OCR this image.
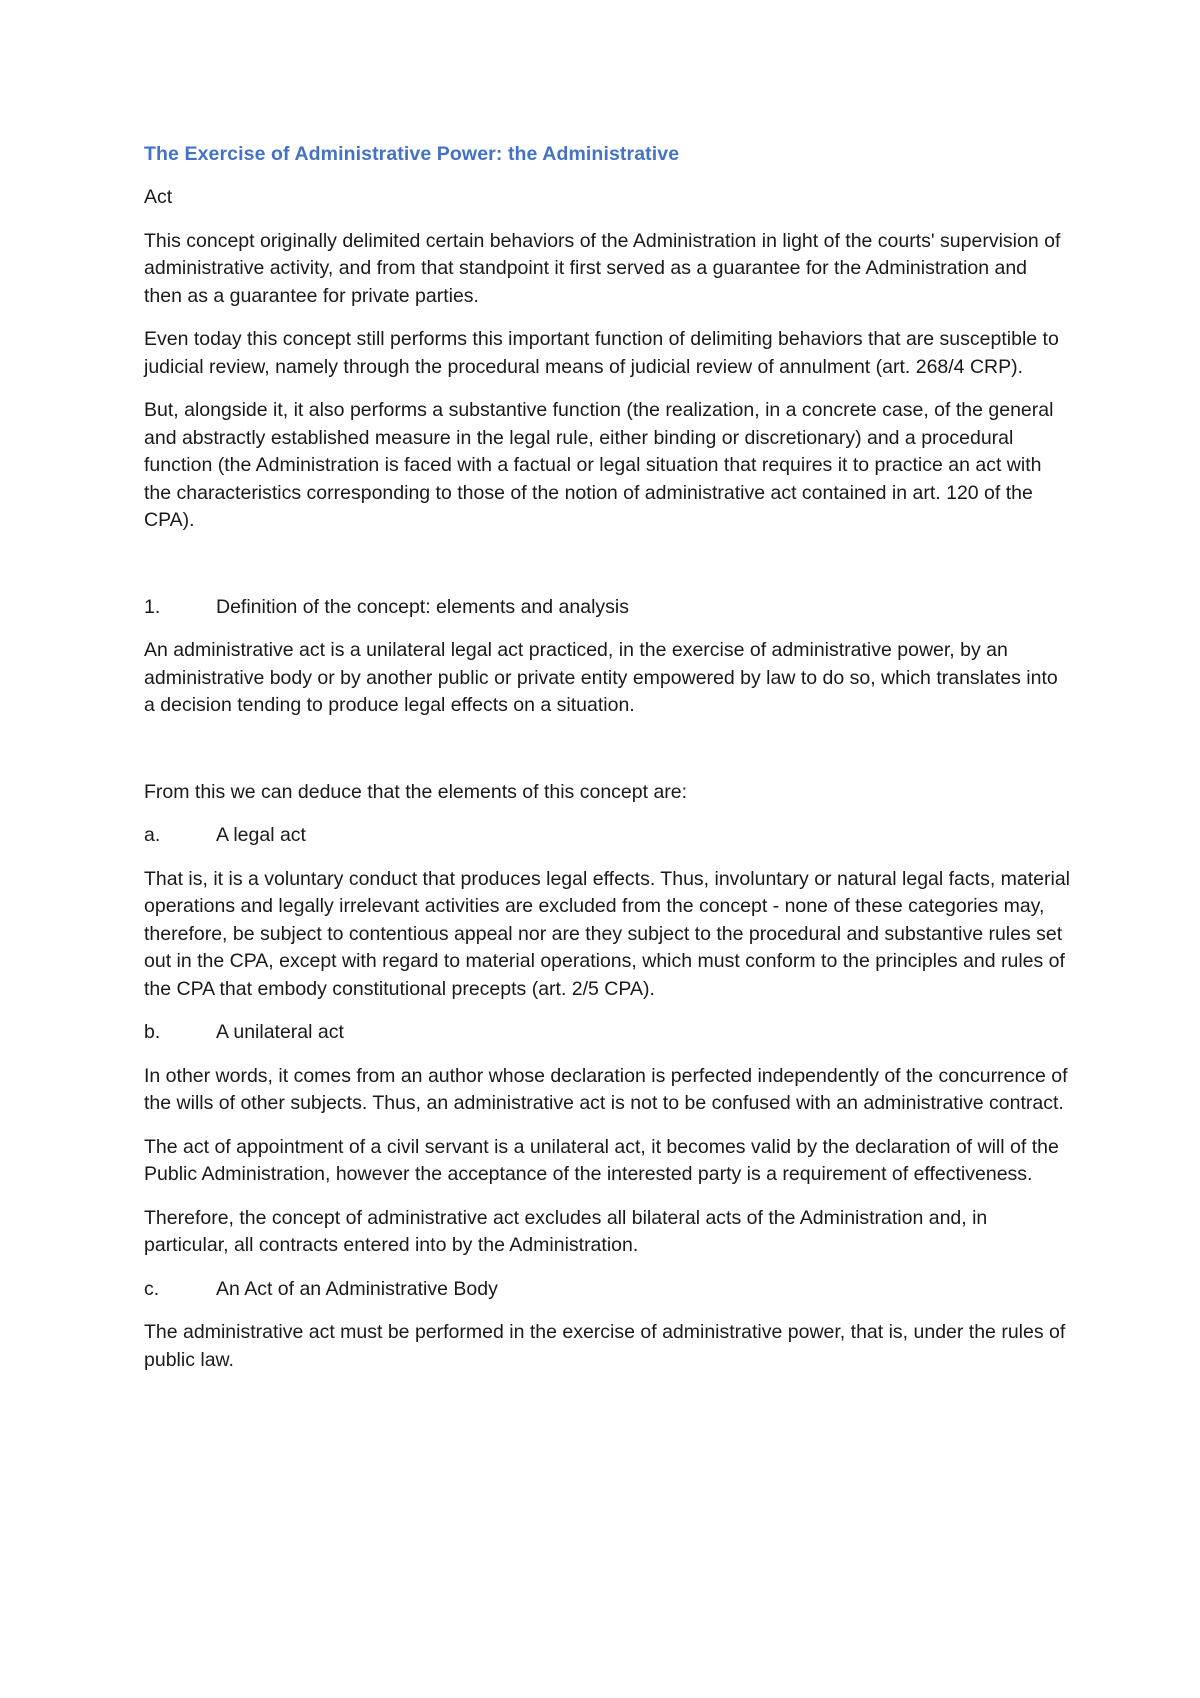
The Exercise of Administrative Power: the Administrative

Act

This concept originally delimited certain behaviors of the Administration in light of the courts' supervision of administrative activity, and from that standpoint it first served as a guarantee for the Administration and then as a guarantee for private parties.

Even today this concept still performs this important function of delimiting behaviors that are susceptible to judicial review, namely through the procedural means of judicial review of annulment (art. 268/4 CRP).

But, alongside it, it also performs a substantive function (the realization, in a concrete case, of the general and abstractly established measure in the legal rule, either binding or discretionary) and a procedural function (the Administration is faced with a factual or legal situation that requires it to practice an act with the characteristics corresponding to those of the notion of administrative act contained in art. 120 of the CPA).

1.	Definition of the concept: elements and analysis

An administrative act is a unilateral legal act practiced, in the exercise of administrative power, by an administrative body or by another public or private entity empowered by law to do so, which translates into a decision tending to produce legal effects on a situation.

From this we can deduce that the elements of this concept are:

a.	A legal act

That is, it is a voluntary conduct that produces legal effects. Thus, involuntary or natural legal facts, material operations and legally irrelevant activities are excluded from the concept - none of these categories may, therefore, be subject to contentious appeal nor are they subject to the procedural and substantive rules set out in the CPA, except with regard to material operations, which must conform to the principles and rules of the CPA that embody constitutional precepts (art. 2/5 CPA).

b.	A unilateral act

In other words, it comes from an author whose declaration is perfected independently of the concurrence of the wills of other subjects. Thus, an administrative act is not to be confused with an administrative contract.

The act of appointment of a civil servant is a unilateral act, it becomes valid by the declaration of will of the Public Administration, however the acceptance of the interested party is a requirement of effectiveness.

Therefore, the concept of administrative act excludes all bilateral acts of the Administration and, in particular, all contracts entered into by the Administration.

c.	An Act of an Administrative Body

The administrative act must be performed in the exercise of administrative power, that is, under the rules of public law.
